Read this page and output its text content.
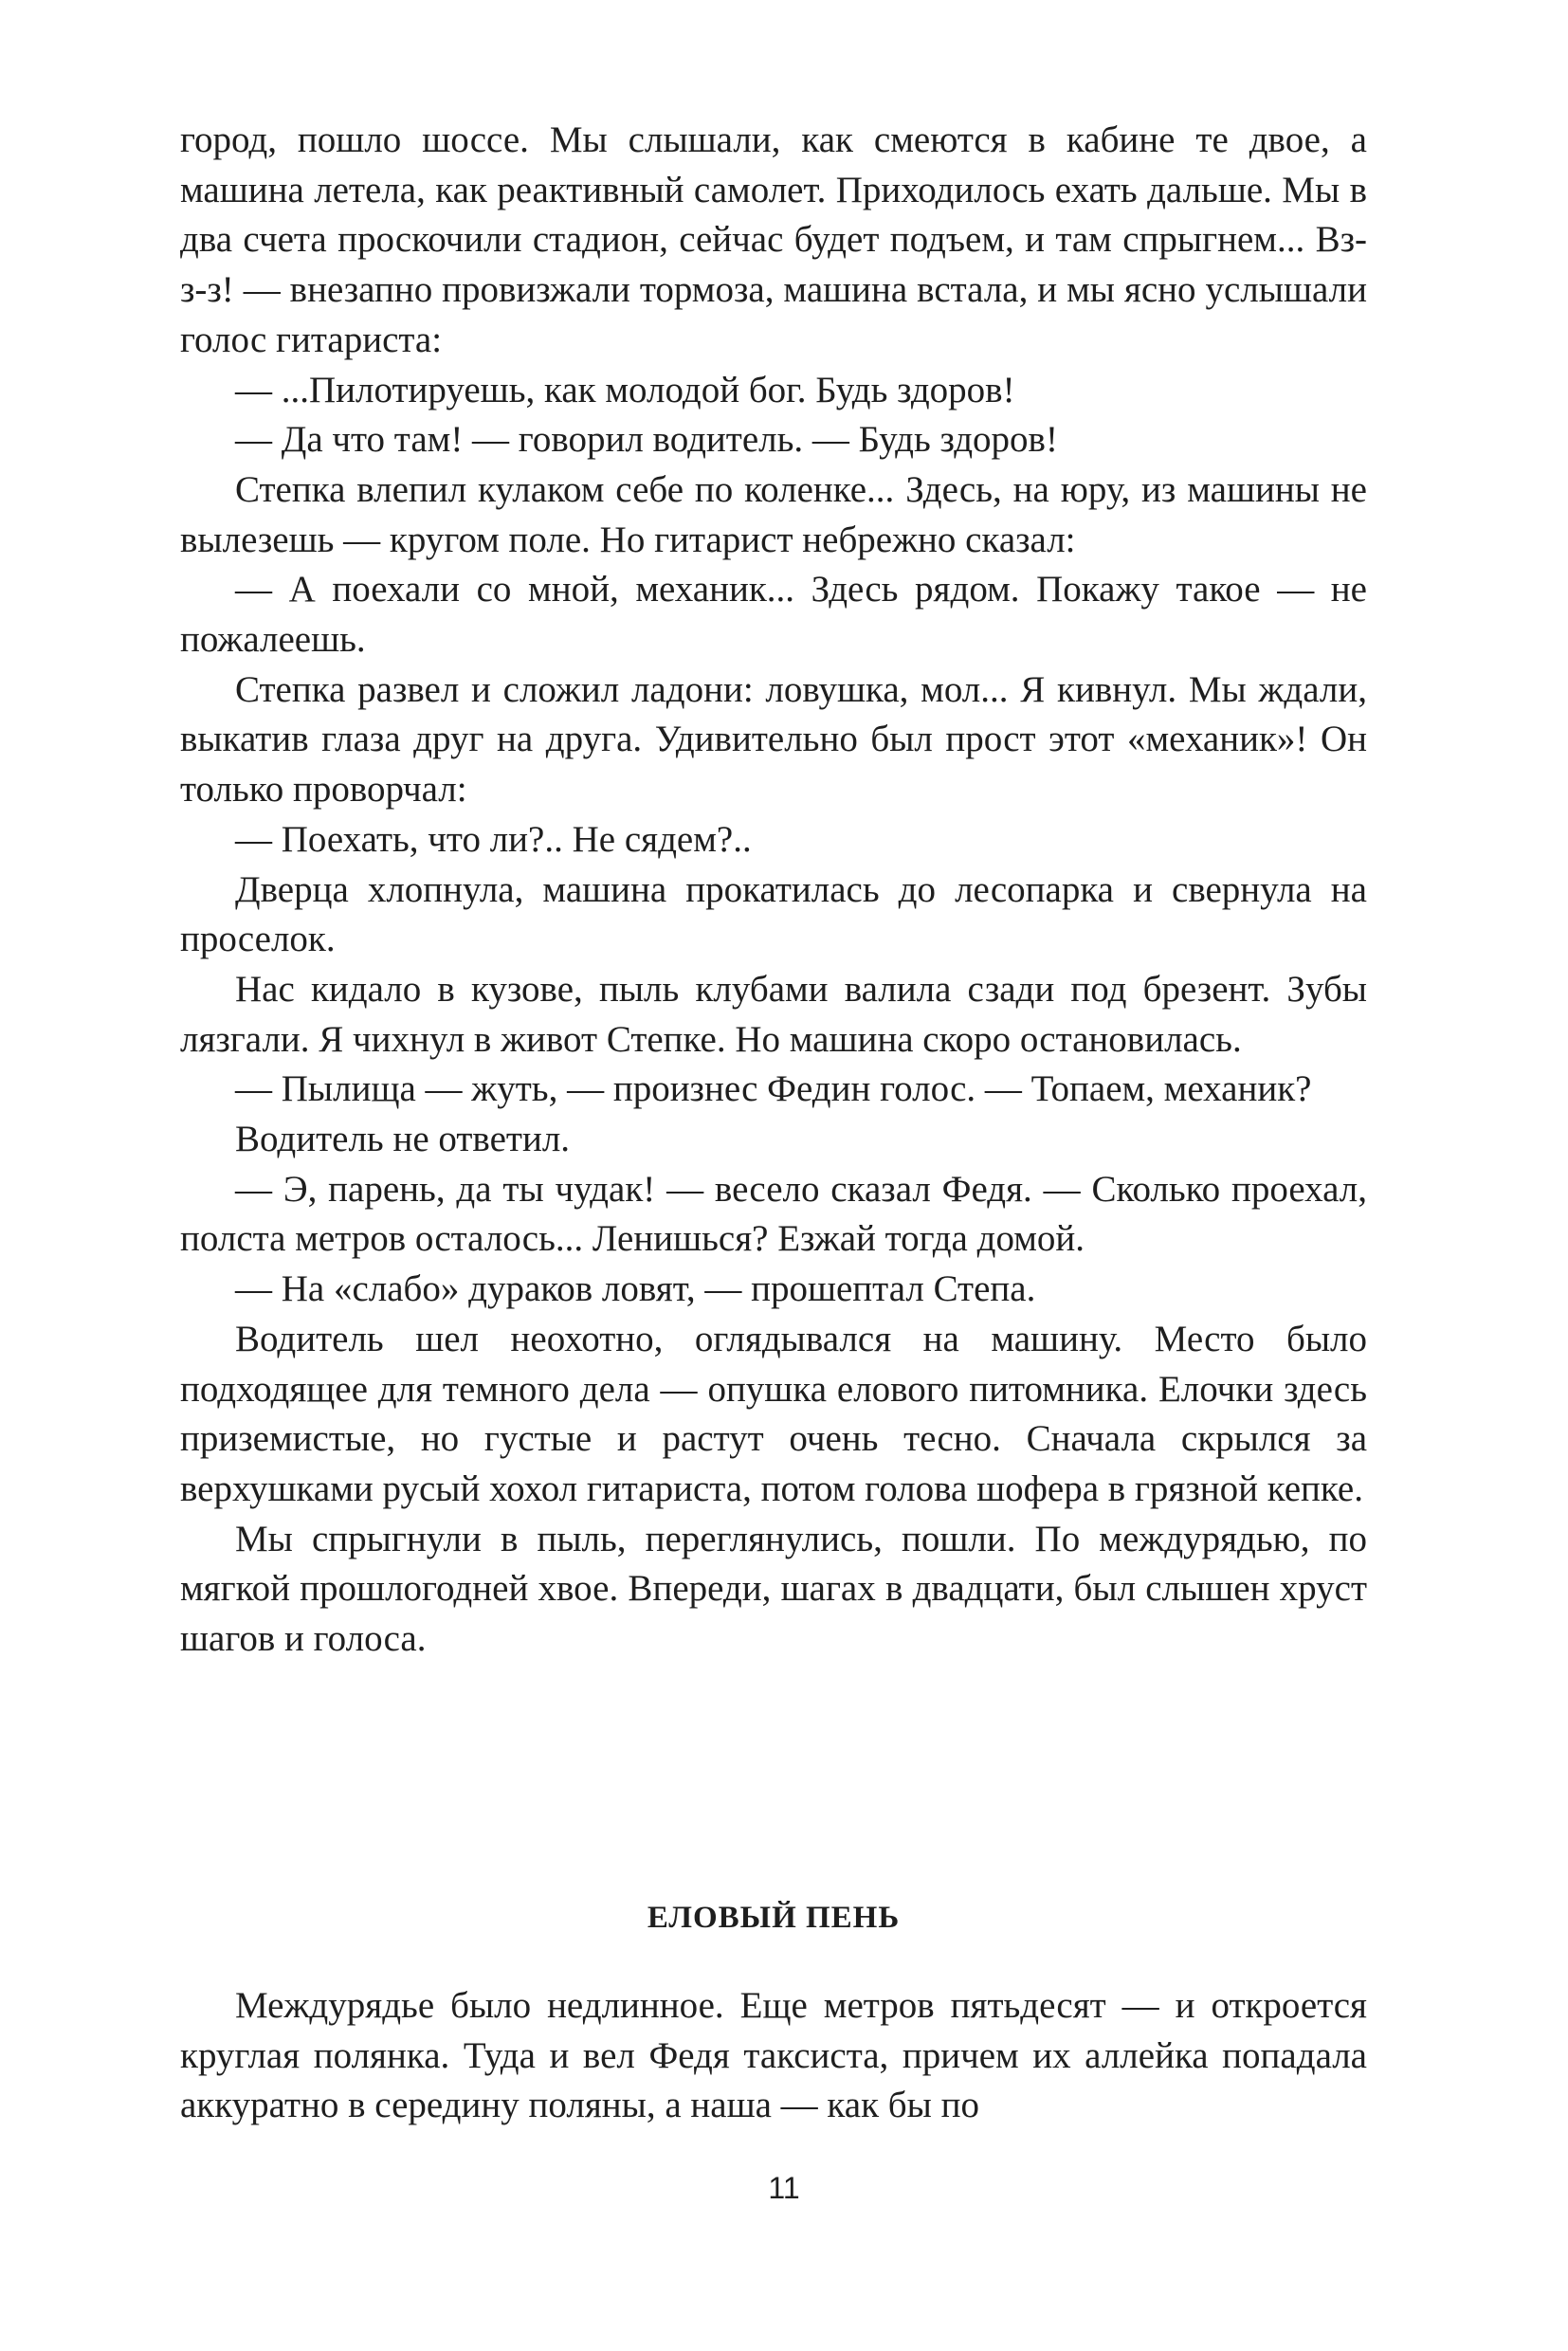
город, пошло шоссе. Мы слышали, как смеются в кабине те двое, а машина летела, как реактивный самолет. Приходилось ехать дальше. Мы в два счета проскочили стадион, сейчас будет подъем, и там спрыгнем... Вз-з-з! — внезапно провизжали тормоза, машина встала, и мы ясно услышали голос гитариста:

— ...Пилотируешь, как молодой бог. Будь здоров!

— Да что там! — говорил водитель. — Будь здоров!

Степка влепил кулаком себе по коленке... Здесь, на юру, из машины не вылезешь — кругом поле. Но гитарист небрежно сказал:

— А поехали со мной, механик... Здесь рядом. Покажу такое — не пожалеешь.

Степка развел и сложил ладони: ловушка, мол... Я кивнул. Мы ждали, выкатив глаза друг на друга. Удивительно был прост этот «механик»! Он только проворчал:

— Поехать, что ли?.. Не сядем?..

Дверца хлопнула, машина прокатилась до лесопарка и свернула на проселок.

Нас кидало в кузове, пыль клубами валила сзади под брезент. Зубы лязгали. Я чихнул в живот Степке. Но машина скоро остановилась.

— Пылища — жуть, — произнес Федин голос. — Топаем, механик?

Водитель не ответил.

— Э, парень, да ты чудак! — весело сказал Федя. — Сколько проехал, полста метров осталось... Ленишься? Езжай тогда домой.

— На «слабо» дураков ловят, — прошептал Степа.

Водитель шел неохотно, оглядывался на машину. Место было подходящее для темного дела — опушка елового питомника. Елочки здесь приземистые, но густые и растут очень тесно. Сначала скрылся за верхушками русый хохол гитариста, потом голова шофера в грязной кепке.

Мы спрыгнули в пыль, переглянулись, пошли. По междурядью, по мягкой прошлогодней хвое. Впереди, шагах в двадцати, был слышен хруст шагов и голоса.

ЕЛОВЫЙ ПЕНЬ

Междурядье было недлинное. Еще метров пятьдесят — и откроется круглая полянка. Туда и вел Федя таксиста, причем их аллейка попадала аккуратно в середину поляны, а наша — как бы по

11
